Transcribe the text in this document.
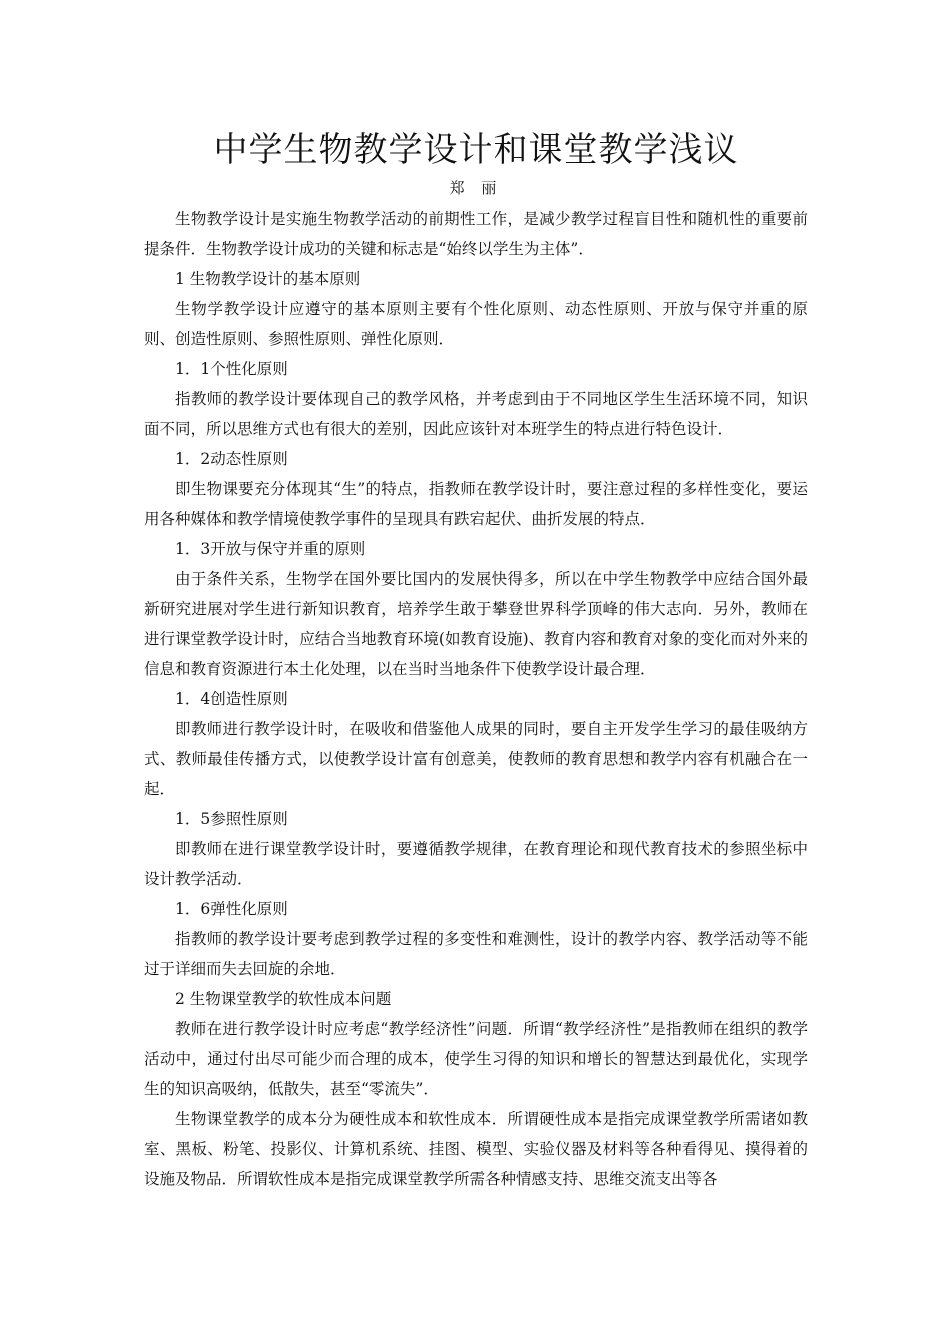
中学生物教学设计和课堂教学浅议
郑 丽

生物教学设计是实施生物教学活动的前期性工作，是减少教学过程盲目性和随机性的重要前提条件．生物教学设计成功的关键和标志是“始终以学生为主体”．

1 生物教学设计的基本原则

生物学教学设计应遵守的基本原则主要有个性化原则、动态性原则、开放与保守并重的原则、创造性原则、参照性原则、弹性化原则．

1．1个性化原则

指教师的教学设计要体现自己的教学风格，并考虑到由于不同地区学生生活环境不同，知识面不同，所以思维方式也有很大的差别，因此应该针对本班学生的特点进行特色设计．

1．2动态性原则

即生物课要充分体现其“生”的特点，指教师在教学设计时，要注意过程的多样性变化，要运用各种媒体和教学情境使教学事件的呈现具有跌宕起伏、曲折发展的特点．

1．3开放与保守并重的原则

由于条件关系，生物学在国外要比国内的发展快得多，所以在中学生物教学中应结合国外最新研究进展对学生进行新知识教育，培养学生敢于攀登世界科学顶峰的伟大志向．另外，教师在进行课堂教学设计时，应结合当地教育环境(如教育设施)、教育内容和教育对象的变化而对外来的信息和教育资源进行本土化处理，以在当时当地条件下使教学设计最合理．

1．4创造性原则

即教师进行教学设计时，在吸收和借鉴他人成果的同时，要自主开发学生学习的最佳吸纳方式、教师最佳传播方式，以使教学设计富有创意美，使教师的教育思想和教学内容有机融合在一起．

1．5参照性原则

即教师在进行课堂教学设计时，要遵循教学规律，在教育理论和现代教育技术的参照坐标中设计教学活动．

1．6弹性化原则

指教师的教学设计要考虑到教学过程的多变性和难测性，设计的教学内容、教学活动等不能过于详细而失去回旋的余地．

2 生物课堂教学的软性成本问题

教师在进行教学设计时应考虑“教学经济性”问题．所谓“教学经济性”是指教师在组织的教学活动中，通过付出尽可能少而合理的成本，使学生习得的知识和增长的智慧达到最优化，实现学生的知识高吸纳，低散失，甚至“零流失”．

生物课堂教学的成本分为硬性成本和软性成本．所谓硬性成本是指完成课堂教学所需诸如教室、黑板、粉笔、投影仪、计算机系统、挂图、模型、实验仪器及材料等各种看得见、摸得着的设施及物品．所谓软性成本是指完成课堂教学所需各种情感支持、思维交流支出等各
